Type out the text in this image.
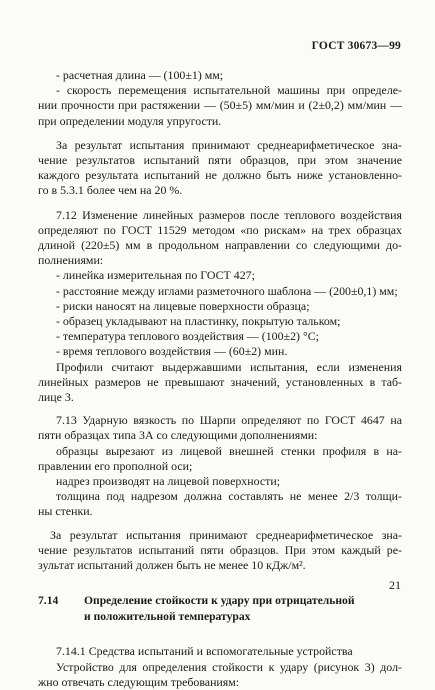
ГОСТ 30673—99
- расчетная длина — (100±1) мм;
- скорость перемещения испытательной машины при определе-
нии прочности при растяжении — (50±5) мм/мин и (2±0,2) мм/мин —
при определении модуля упругости.
За результат испытания принимают среднеарифметическое зна-
чение результатов испытаний пяти образцов, при этом значение
каждого результата испытаний не должно быть ниже установленно-
го в 5.3.1 более чем на 20 %.
7.12 Изменение линейных размеров после теплового воздействия
определяют по ГОСТ 11529 методом «по рискам» на трех образцах
длиной (220±5) мм в продольном направлении со следующими до-
полнениями:
- линейка измерительная по ГОСТ 427;
- расстояние между иглами разметочного шаблона — (200±0,1) мм;
- риски наносят на лицевые поверхности образца;
- образец укладывают на пластинку, покрытую тальком;
- температура теплового воздействия — (100±2) °С;
- время теплового воздействия — (60±2) мин.
Профили считают выдержавшими испытания, если изменения
линейных размеров не превышают значений, установленных в таб-
лице 3.
7.13 Ударную вязкость по Шарпи определяют по ГОСТ 4647 на
пяти образцах типа 3А со следующими дополнениями:
образцы вырезают из лицевой внешней стенки профиля в на-
правлении его прополной оси;
надрез производят на лицевой поверхности;
толщина под надрезом должна составлять не менее 2/3 толщи-
ны стенки.
За результат испытания принимают среднеарифметическое зна-
чение результатов испытаний пяти образцов. При этом каждый ре-
зультат испытаний должен быть не менее 10 кДж/м².
7.14	Определение стойкости к удару при отрицательной
и положительной температурах
7.14.1 Средства испытаний и вспомогательные устройства
Устройство для определения стойкости к удару (рисунок 3) дол-
жно отвечать следующим требованиям:
21
